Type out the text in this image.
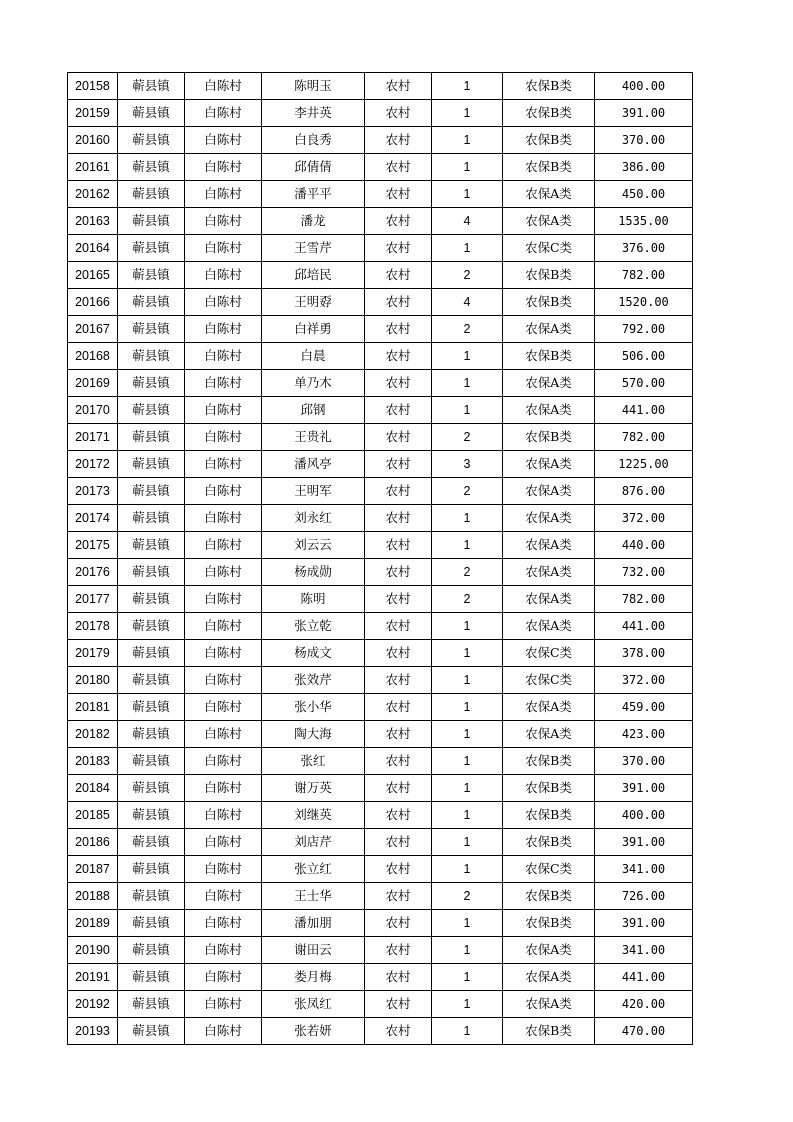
20158	蕲县镇	白陈村	陈明玉	农村	1	农保B类	400.00
20159	蕲县镇	白陈村	李井英	农村	1	农保B类	391.00
20160	蕲县镇	白陈村	白良秀	农村	1	农保B类	370.00
20161	蕲县镇	白陈村	邱倩倩	农村	1	农保B类	386.00
20162	蕲县镇	白陈村	潘平平	农村	1	农保A类	450.00
20163	蕲县镇	白陈村	潘龙	农村	4	农保A类	1535.00
20164	蕲县镇	白陈村	王雪芹	农村	1	农保C类	376.00
20165	蕲县镇	白陈村	邱培民	农村	2	农保B类	782.00
20166	蕲县镇	白陈村	王明孬	农村	4	农保B类	1520.00
20167	蕲县镇	白陈村	白祥勇	农村	2	农保A类	792.00
20168	蕲县镇	白陈村	白晨	农村	1	农保B类	506.00
20169	蕲县镇	白陈村	单乃木	农村	1	农保A类	570.00
20170	蕲县镇	白陈村	邱钢	农村	1	农保A类	441.00
20171	蕲县镇	白陈村	王贵礼	农村	2	农保B类	782.00
20172	蕲县镇	白陈村	潘风亭	农村	3	农保A类	1225.00
20173	蕲县镇	白陈村	王明军	农村	2	农保A类	876.00
20174	蕲县镇	白陈村	刘永红	农村	1	农保A类	372.00
20175	蕲县镇	白陈村	刘云云	农村	1	农保A类	440.00
20176	蕲县镇	白陈村	杨成勋	农村	2	农保A类	732.00
20177	蕲县镇	白陈村	陈明	农村	2	农保A类	782.00
20178	蕲县镇	白陈村	张立乾	农村	1	农保A类	441.00
20179	蕲县镇	白陈村	杨成文	农村	1	农保C类	378.00
20180	蕲县镇	白陈村	张效芹	农村	1	农保C类	372.00
20181	蕲县镇	白陈村	张小华	农村	1	农保A类	459.00
20182	蕲县镇	白陈村	陶大海	农村	1	农保A类	423.00
20183	蕲县镇	白陈村	张红	农村	1	农保B类	370.00
20184	蕲县镇	白陈村	谢万英	农村	1	农保B类	391.00
20185	蕲县镇	白陈村	刘继英	农村	1	农保B类	400.00
20186	蕲县镇	白陈村	刘店芹	农村	1	农保B类	391.00
20187	蕲县镇	白陈村	张立红	农村	1	农保C类	341.00
20188	蕲县镇	白陈村	王士华	农村	2	农保B类	726.00
20189	蕲县镇	白陈村	潘加朋	农村	1	农保B类	391.00
20190	蕲县镇	白陈村	谢田云	农村	1	农保A类	341.00
20191	蕲县镇	白陈村	娄月梅	农村	1	农保A类	441.00
20192	蕲县镇	白陈村	张凤红	农村	1	农保A类	420.00
20193	蕲县镇	白陈村	张若妍	农村	1	农保B类	470.00
